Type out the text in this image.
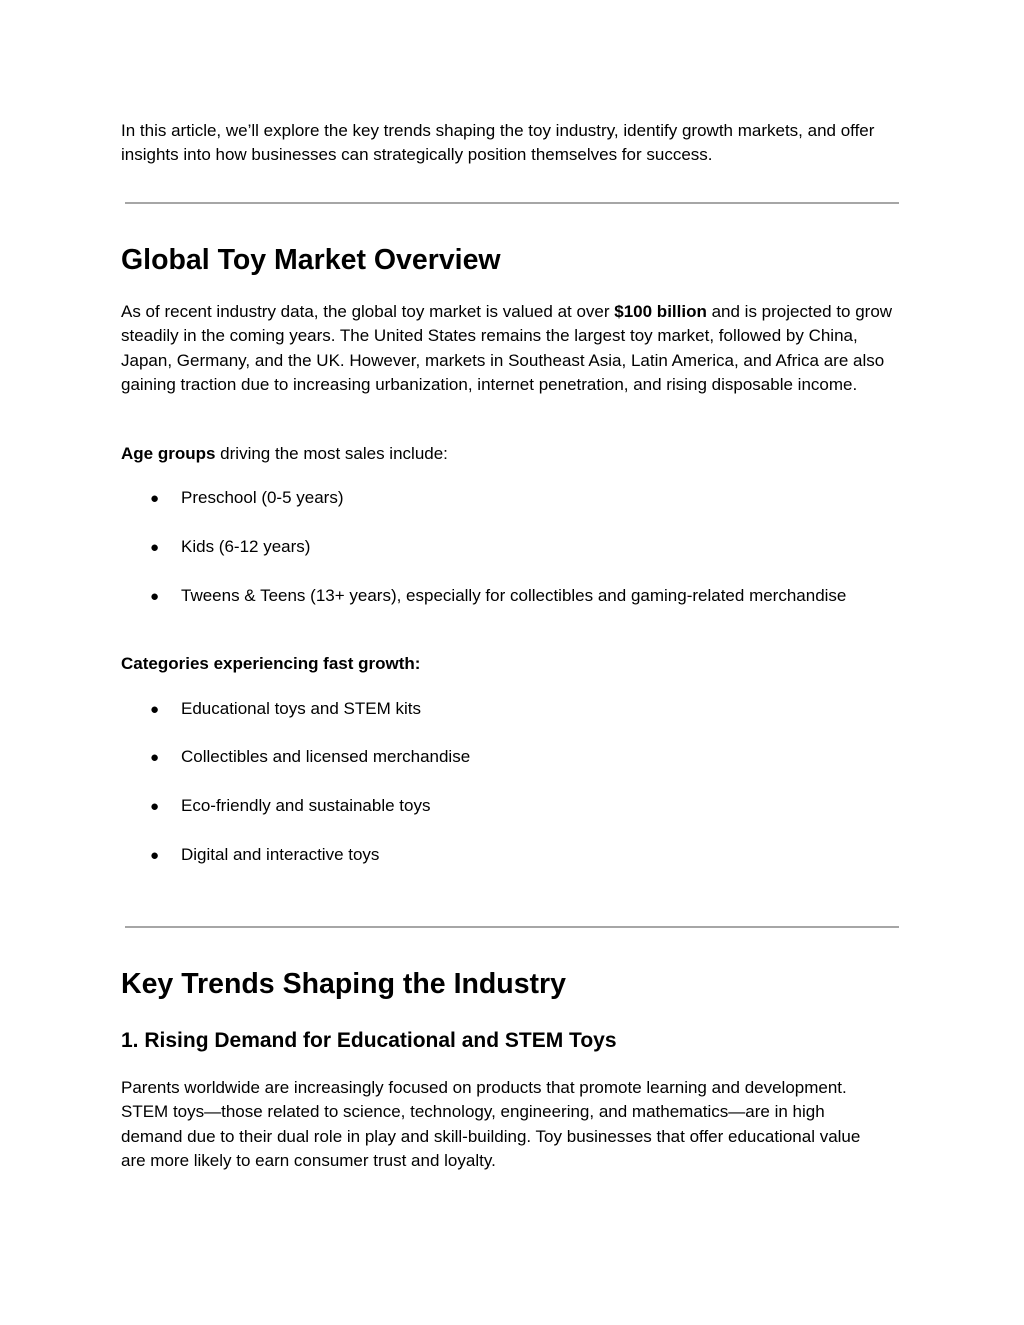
In this article, we’ll explore the key trends shaping the toy industry, identify growth markets, and offer insights into how businesses can strategically position themselves for success.

Global Toy Market Overview

As of recent industry data, the global toy market is valued at over $100 billion and is projected to grow steadily in the coming years. The United States remains the largest toy market, followed by China, Japan, Germany, and the UK. However, markets in Southeast Asia, Latin America, and Africa are also gaining traction due to increasing urbanization, internet penetration, and rising disposable income.

Age groups driving the most sales include:

● Preschool (0-5 years)
● Kids (6-12 years)
● Tweens & Teens (13+ years), especially for collectibles and gaming-related merchandise

Categories experiencing fast growth:

● Educational toys and STEM kits
● Collectibles and licensed merchandise
● Eco-friendly and sustainable toys
● Digital and interactive toys
Key Trends Shaping the Industry
1. Rising Demand for Educational and STEM Toys

Parents worldwide are increasingly focused on products that promote learning and development. STEM toys—those related to science, technology, engineering, and mathematics—are in high demand due to their dual role in play and skill-building. Toy businesses that offer educational value are more likely to earn consumer trust and loyalty.
